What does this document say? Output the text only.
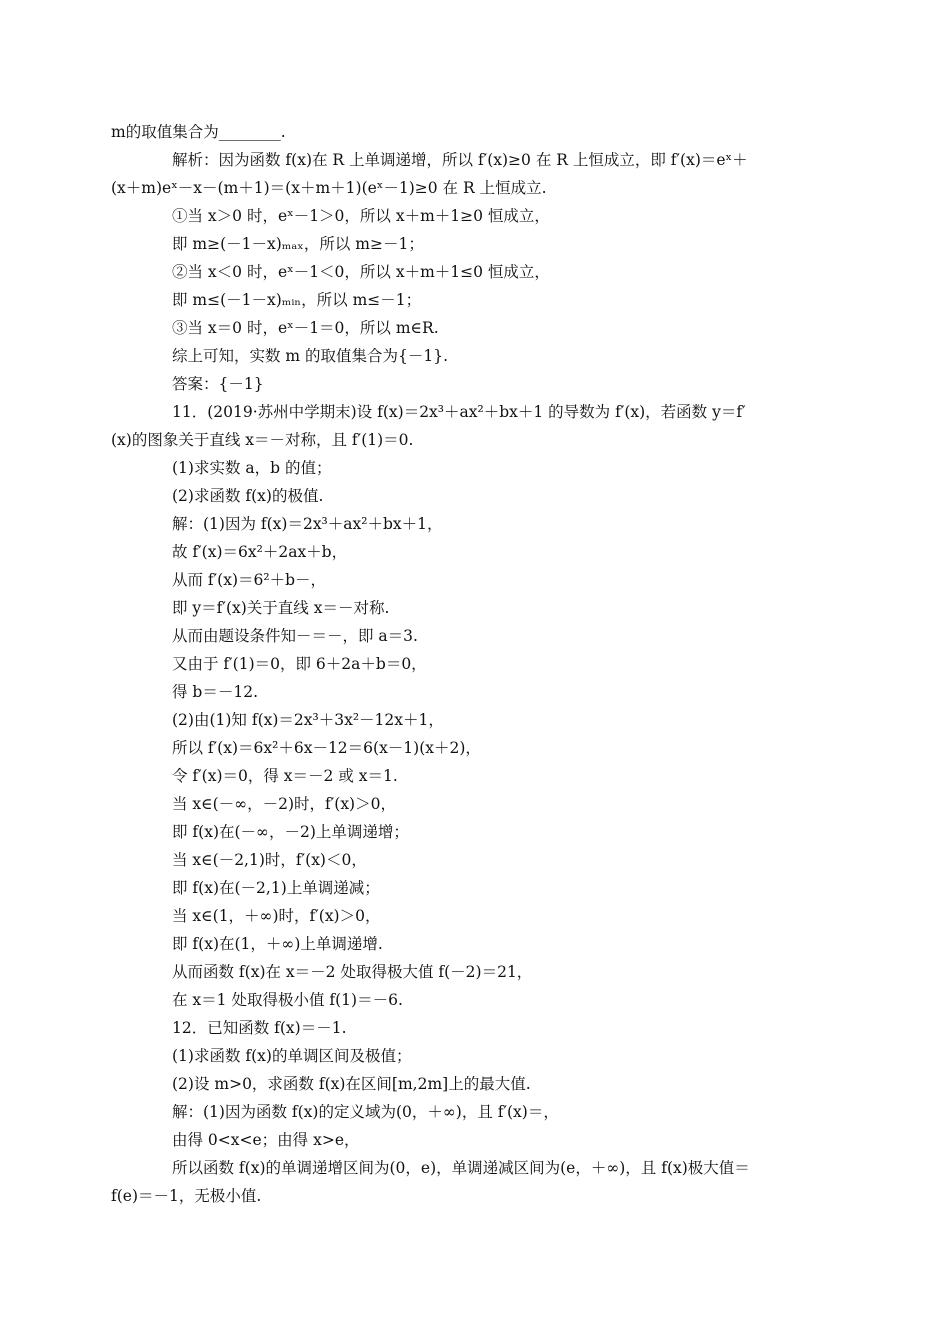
m的取值集合为________.
解析：因为函数 f(x)在 R 上单调递增，所以 f′(x)≥0 在 R 上恒成立，即 f′(x)＝eˣ＋
(x＋m)eˣ－x－(m＋1)＝(x＋m＋1)(eˣ－1)≥0 在 R 上恒成立.
①当 x＞0 时，eˣ－1＞0，所以 x＋m＋1≥0 恒成立，
即 m≥(－1－x)ₘₐₓ，所以 m≥－1；
②当 x＜0 时，eˣ－1＜0，所以 x＋m＋1≤0 恒成立，
即 m≤(－1－x)ₘᵢₙ，所以 m≤－1；
③当 x＝0 时，eˣ－1＝0，所以 m∈R.
综上可知，实数 m 的取值集合为{－1}.
答案：{－1}
11．(2019·苏州中学期末)设 f(x)＝2x³＋ax²＋bx＋1 的导数为 f′(x)，若函数 y＝f′
(x)的图象关于直线 x＝－对称，且 f′(1)＝0.
(1)求实数 a，b 的值；
(2)求函数 f(x)的极值.
解：(1)因为 f(x)＝2x³＋ax²＋bx＋1，
故 f′(x)＝6x²＋2ax＋b，
从而 f′(x)＝6²＋b－，
即 y＝f′(x)关于直线 x＝－对称.
从而由题设条件知－＝－，即 a＝3.
又由于 f′(1)＝0，即 6＋2a＋b＝0，
得 b＝－12.
(2)由(1)知 f(x)＝2x³＋3x²－12x＋1，
所以 f′(x)＝6x²＋6x－12＝6(x－1)(x＋2)，
令 f′(x)＝0，得 x＝－2 或 x＝1.
当 x∈(－∞，－2)时，f′(x)＞0，
即 f(x)在(－∞，－2)上单调递增；
当 x∈(－2,1)时，f′(x)＜0，
即 f(x)在(－2,1)上单调递减；
当 x∈(1，＋∞)时，f′(x)＞0，
即 f(x)在(1，＋∞)上单调递增.
从而函数 f(x)在 x＝－2 处取得极大值 f(－2)＝21，
在 x＝1 处取得极小值 f(1)＝－6.
12．已知函数 f(x)＝－1.
(1)求函数 f(x)的单调区间及极值；
(2)设 m>0，求函数 f(x)在区间[m,2m]上的最大值.
解：(1)因为函数 f(x)的定义域为(0，＋∞)，且 f′(x)＝，
由得 0<x<e；由得 x>e，
所以函数 f(x)的单调递增区间为(0，e)，单调递减区间为(e，＋∞)，且 f(x)极大值＝
f(e)＝－1，无极小值.
